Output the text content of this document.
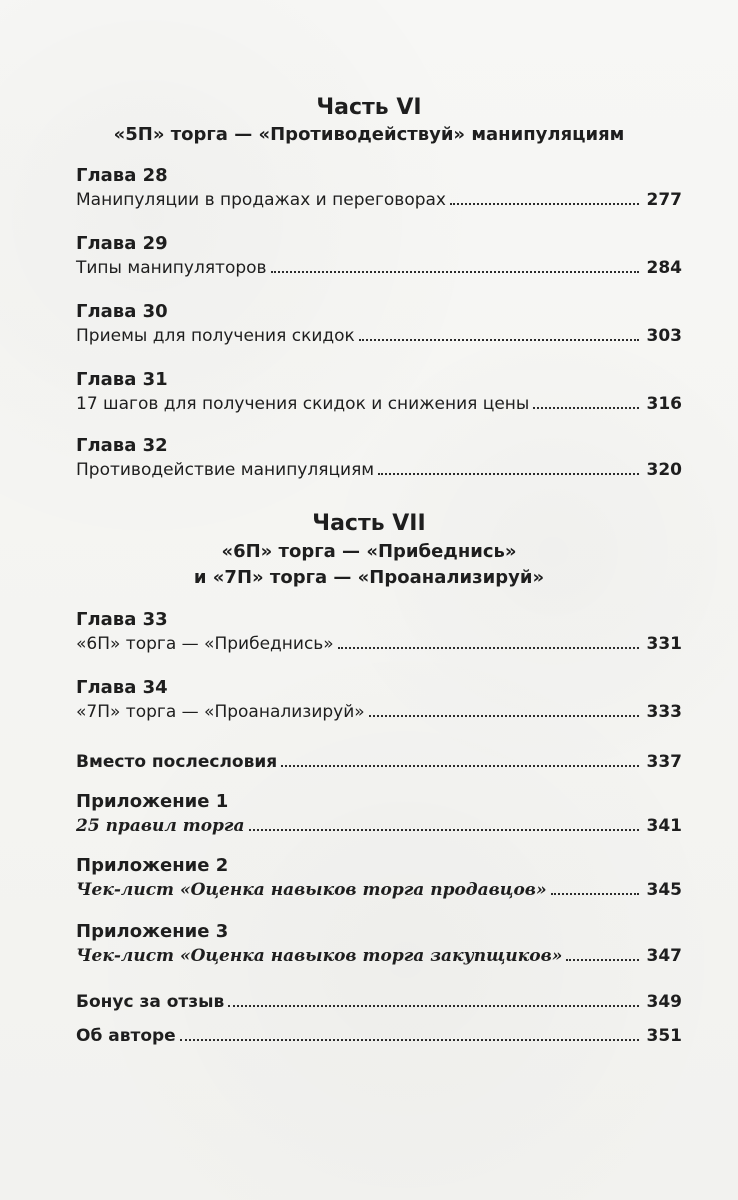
Часть VI
«5П» торга — «Противодействуй» манипуляциям
Глава 28
Манипуляции в продажах и переговорах	277
Глава 29
Типы манипуляторов	284
Глава 30
Приемы для получения скидок	303
Глава 31
17 шагов для получения скидок и снижения цены	316
Глава 32
Противодействие манипуляциям	320
Часть VII
«6П» торга — «Прибеднись»
и «7П» торга — «Проанализируй»
Глава 33
«6П» торга — «Прибеднись»	331
Глава 34
«7П» торга — «Проанализируй»	333
Вместо послесловия	337
Приложение 1
25 правил торга	341
Приложение 2
Чек-лист «Оценка навыков торга продавцов»	345
Приложение 3
Чек-лист «Оценка навыков торга закупщиков»	347
Бонус за отзыв	349
Об авторе	351
